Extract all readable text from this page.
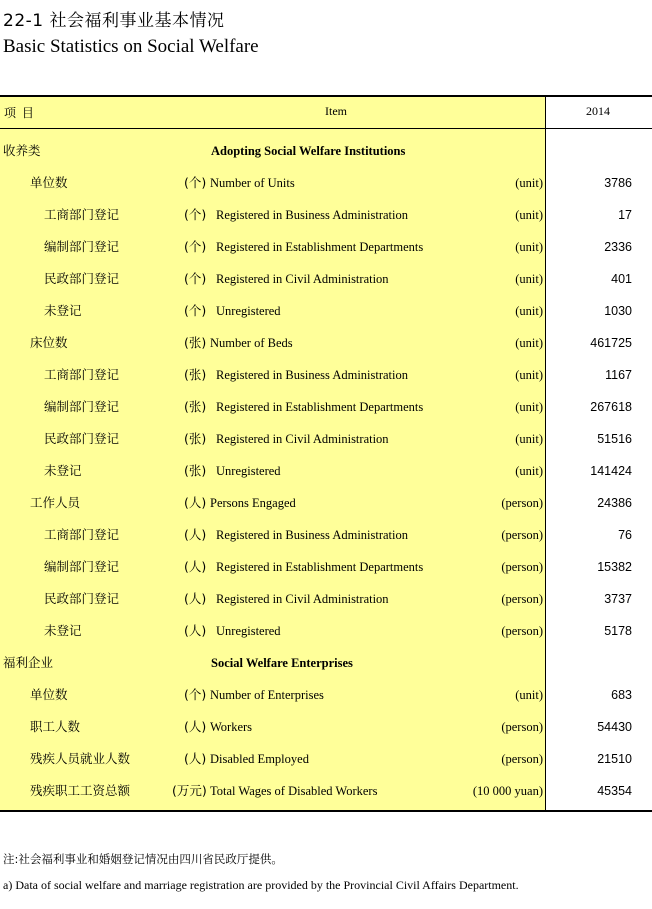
22-1 社会福利事业基本情况
Basic Statistics on Social Welfare
项 目	Item	2014
收养类	Adopting Social Welfare Institutions
单位数	(个) Number of Units	(unit)	3786
工商部门登记	(个) Registered in Business Administration	(unit)	17
编制部门登记	(个) Registered in Establishment Departments	(unit)	2336
民政部门登记	(个) Registered in Civil Administration	(unit)	401
未登记	(个) Unregistered	(unit)	1030
床位数	(张) Number of Beds	(unit)	461725
工商部门登记	(张) Registered in Business Administration	(unit)	1167
编制部门登记	(张) Registered in Establishment Departments	(unit)	267618
民政部门登记	(张) Registered in Civil Administration	(unit)	51516
未登记	(张) Unregistered	(unit)	141424
工作人员	(人) Persons Engaged	(person)	24386
工商部门登记	(人) Registered in Business Administration	(person)	76
编制部门登记	(人) Registered in Establishment Departments	(person)	15382
民政部门登记	(人) Registered in Civil Administration	(person)	3737
未登记	(人) Unregistered	(person)	5178
福利企业	Social Welfare Enterprises
单位数	(个) Number of Enterprises	(unit)	683
职工人数	(人) Workers	(person)	54430
残疾人员就业人数	(人) Disabled Employed	(person)	21510
残疾职工工资总额	(万元) Total Wages of Disabled Workers	(10 000 yuan)	45354
注:社会福利事业和婚姻登记情况由四川省民政厅提供。
a) Data of social welfare and marriage registration are provided by the Provincial Civil Affairs Department.
